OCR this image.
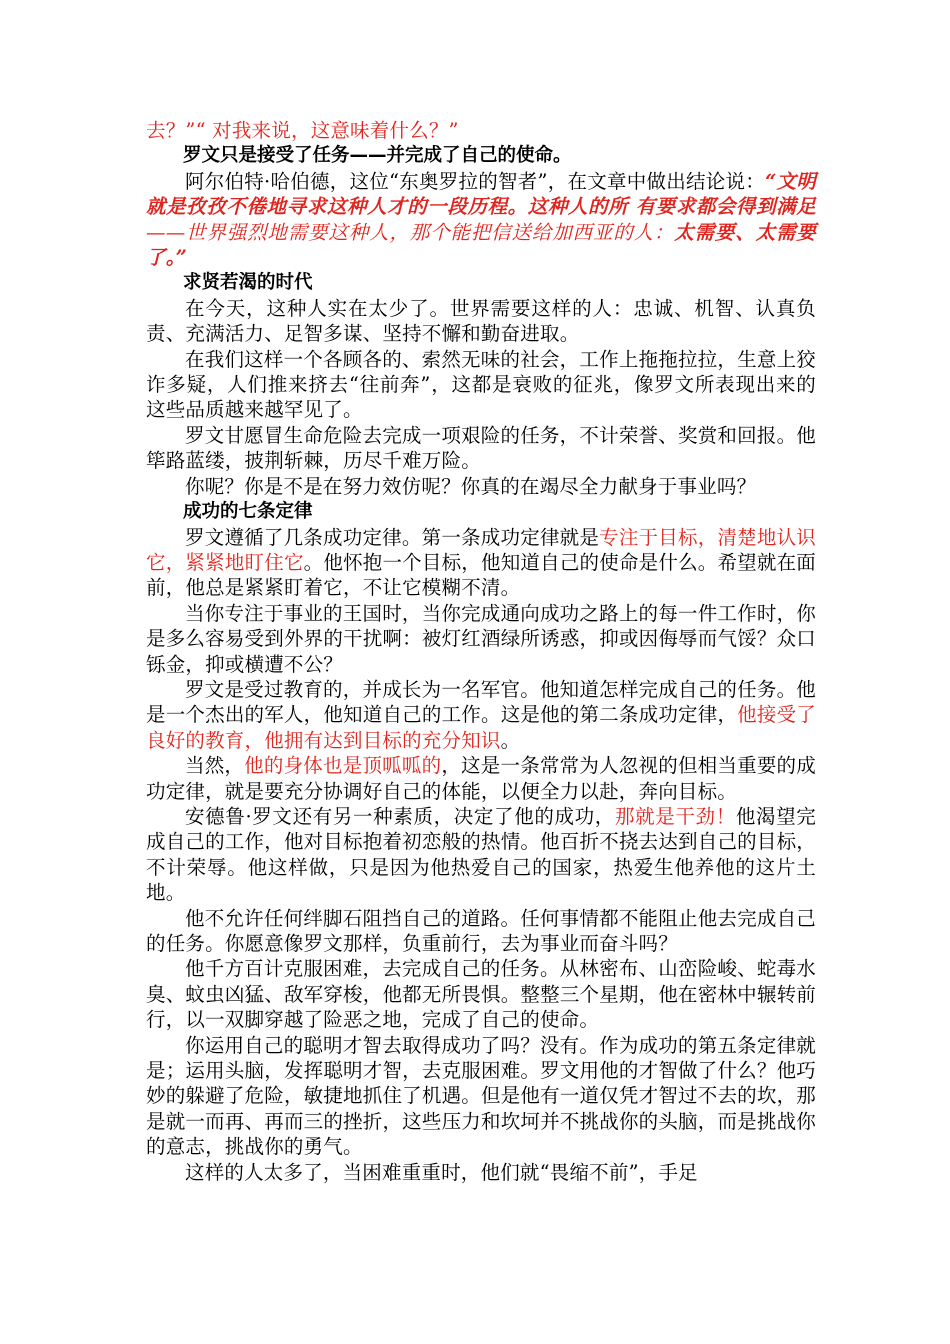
去？”“ 对我来说，这意味着什么？”

罗文只是接受了任务——并完成了自己的使命。

阿尔伯特·哈伯德，这位“东奥罗拉的智者”，在文章中做出结论说：“文明就是孜孜不倦地寻求这种人才的一段历程。这种人的所 有要求都会得到满足——世界强烈地需要这种人，那个能把信送给加西亚的人：太需要、太需要了。”

求贤若渴的时代

在今天，这种人实在太少了。世界需要这样的人：忠诚、机智、认真负责、充满活力、足智多谋、坚持不懈和勤奋进取。

在我们这样一个各顾各的、索然无味的社会，工作上拖拖拉拉，生意上狡诈多疑，人们推来挤去“往前奔”，这都是衰败的征兆，像罗文所表现出来的这些品质越来越罕见了。

罗文甘愿冒生命危险去完成一项艰险的任务，不计荣誉、奖赏和回报。他筚路蓝缕，披荆斩棘，历尽千难万险。

你呢？你是不是在努力效仿呢？你真的在竭尽全力献身于事业吗？

成功的七条定律

罗文遵循了几条成功定律。第一条成功定律就是专注于目标，清楚地认识它，紧紧地盯住它。他怀抱一个目标，他知道自己的使命是什么。希望就在面前，他总是紧紧盯着它，不让它模糊不清。

当你专注于事业的王国时，当你完成通向成功之路上的每一件工作时，你是多么容易受到外界的干扰啊：被灯红酒绿所诱惑，抑或因侮辱而气馁？众口铄金，抑或横遭不公？

罗文是受过教育的，并成长为一名军官。他知道怎样完成自己的任务。他是一个杰出的军人，他知道自己的工作。这是他的第二条成功定律，他接受了良好的教育，他拥有达到目标的充分知识。

当然，他的身体也是顶呱呱的，这是一条常常为人忽视的但相当重要的成功定律，就是要充分协调好自己的体能，以便全力以赴，奔向目标。

安德鲁·罗文还有另一种素质，决定了他的成功，那就是干劲！他渴望完成自己的工作，他对目标抱着初恋般的热情。他百折不挠去达到自己的目标，不计荣辱。他这样做，只是因为他热爱自己的国家，热爱生他养他的这片土地。

他不允许任何绊脚石阻挡自己的道路。任何事情都不能阻止他去完成自己的任务。你愿意像罗文那样，负重前行，去为事业而奋斗吗？

他千方百计克服困难，去完成自己的任务。从林密布、山峦险峻、蛇毒水臭、蚊虫凶猛、敌军穿梭，他都无所畏惧。整整三个星期，他在密林中辗转前行，以一双脚穿越了险恶之地，完成了自己的使命。

你运用自己的聪明才智去取得成功了吗？没有。作为成功的第五条定律就是；运用头脑，发挥聪明才智，去克服困难。罗文用他的才智做了什么？他巧妙的躲避了危险，敏捷地抓住了机遇。但是他有一道仅凭才智过不去的坎，那是就一而再、再而三的挫折，这些压力和坎坷并不挑战你的头脑，而是挑战你的意志，挑战你的勇气。

这样的人太多了，当困难重重时，他们就“畏缩不前”，手足
